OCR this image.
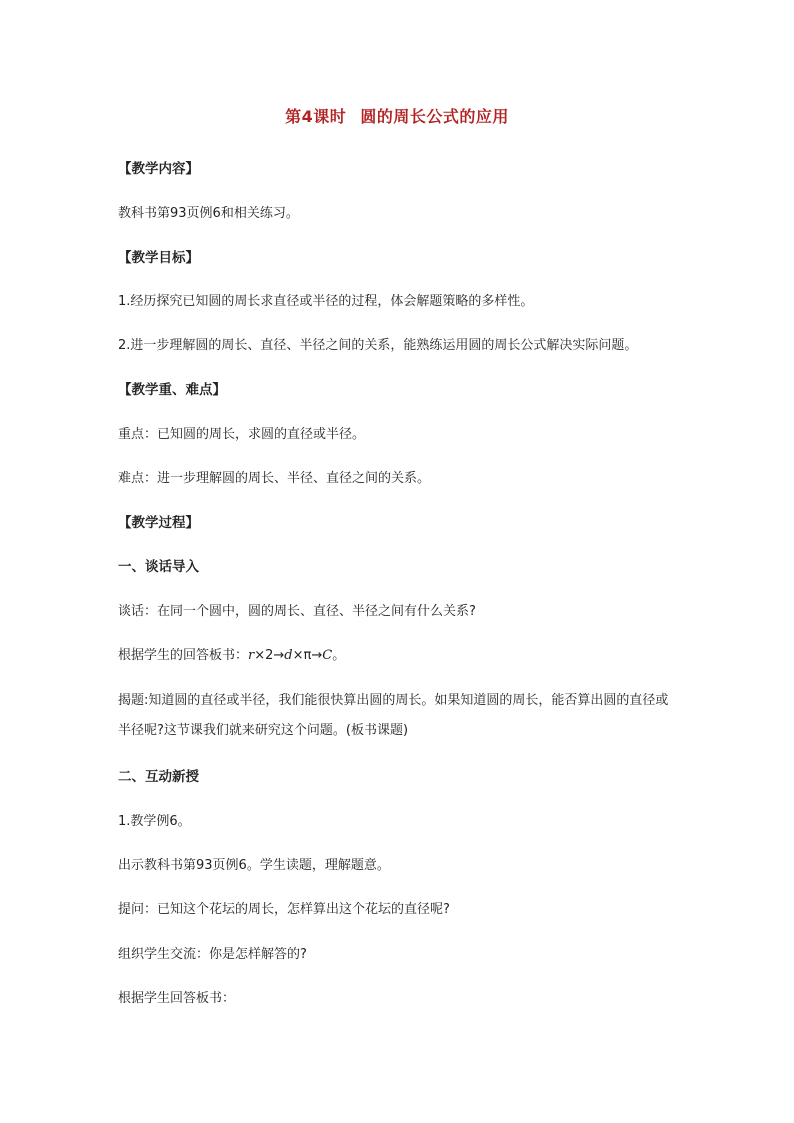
第4课时 圆的周长公式的应用
【教学内容】
教科书第93页例6和相关练习。
【教学目标】
1.经历探究已知圆的周长求直径或半径的过程，体会解题策略的多样性。
2.进一步理解圆的周长、直径、半径之间的关系，能熟练运用圆的周长公式解决实际问题。
【教学重、难点】
重点：已知圆的周长，求圆的直径或半径。
难点：进一步理解圆的周长、半径、直径之间的关系。
【教学过程】
一、谈话导入
谈话：在同一个圆中，圆的周长、直径、半径之间有什么关系?
根据学生的回答板书：r×2→d×π→C。
揭题:知道圆的直径或半径，我们能很快算出圆的周长。如果知道圆的周长，能否算出圆的直径或半径呢?这节课我们就来研究这个问题。(板书课题)
二、互动新授
1.教学例6。
出示教科书第93页例6。学生读题，理解题意。
提问：已知这个花坛的周长，怎样算出这个花坛的直径呢?
组织学生交流：你是怎样解答的?
根据学生回答板书：
